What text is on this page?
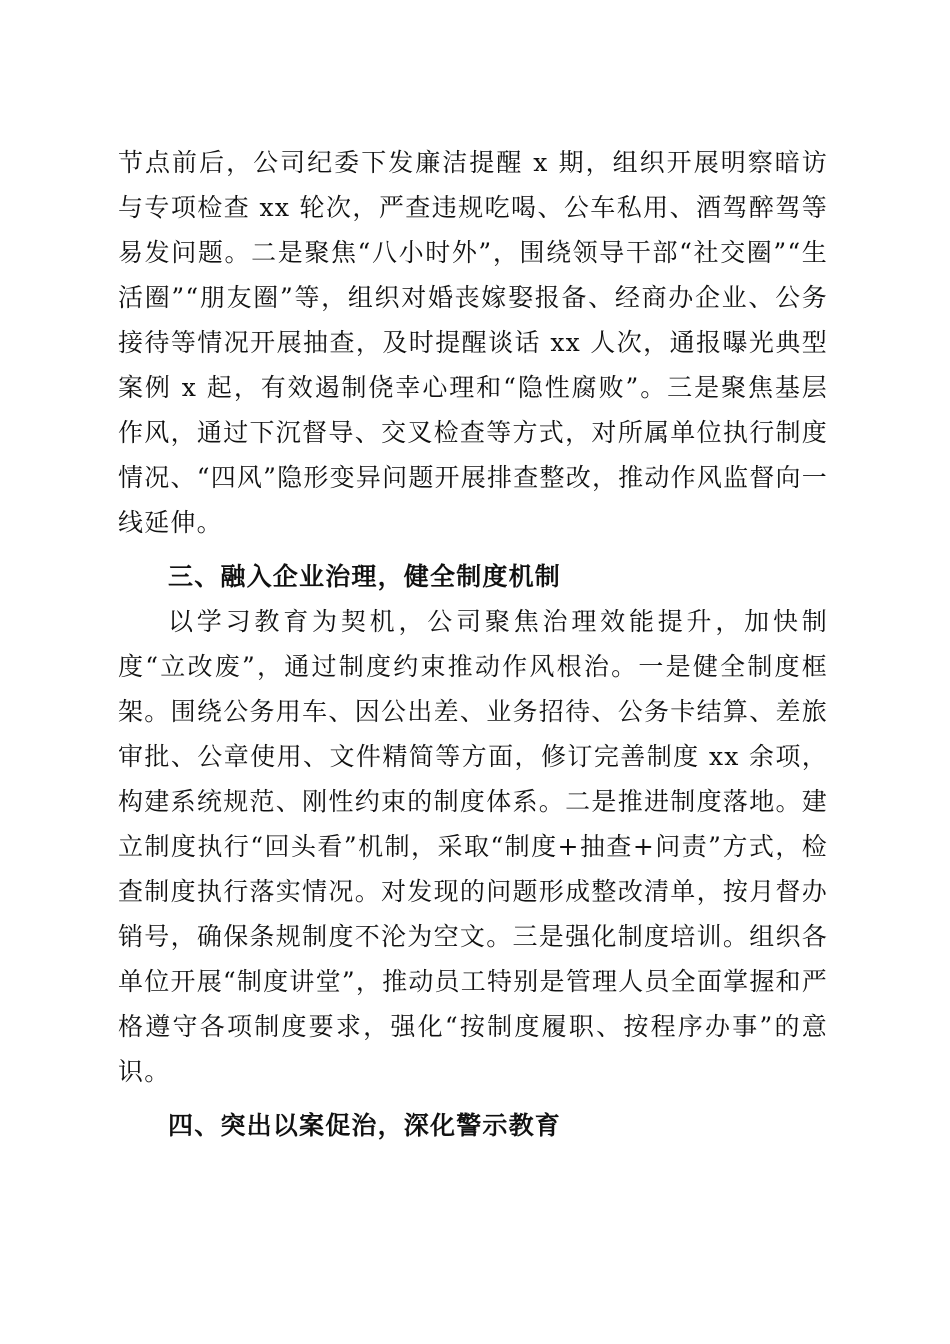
节点前后，公司纪委下发廉洁提醒 x 期，组织开展明察暗访与专项检查 xx 轮次，严查违规吃喝、公车私用、酒驾醉驾等易发问题。二是聚焦“八小时外”，围绕领导干部“社交圈”“生活圈”“朋友圈”等，组织对婚丧嫁娶报备、经商办企业、公务接待等情况开展抽查，及时提醒谈话 xx 人次，通报曝光典型案例 x 起，有效遏制侥幸心理和“隐性腐败”。三是聚焦基层作风，通过下沉督导、交叉检查等方式，对所属单位执行制度情况、“四风”隐形变异问题开展排查整改，推动作风监督向一线延伸。

三、融入企业治理，健全制度机制

以学习教育为契机，公司聚焦治理效能提升，加快制度“立改废”，通过制度约束推动作风根治。一是健全制度框架。围绕公务用车、因公出差、业务招待、公务卡结算、差旅审批、公章使用、文件精简等方面，修订完善制度 xx 余项，构建系统规范、刚性约束的制度体系。二是推进制度落地。建立制度执行“回头看”机制，采取“制度+抽查+问责”方式，检查制度执行落实情况。对发现的问题形成整改清单，按月督办销号，确保条规制度不沦为空文。三是强化制度培训。组织各单位开展“制度讲堂”，推动员工特别是管理人员全面掌握和严格遵守各项制度要求，强化“按制度履职、按程序办事”的意识。

四、突出以案促治，深化警示教育
